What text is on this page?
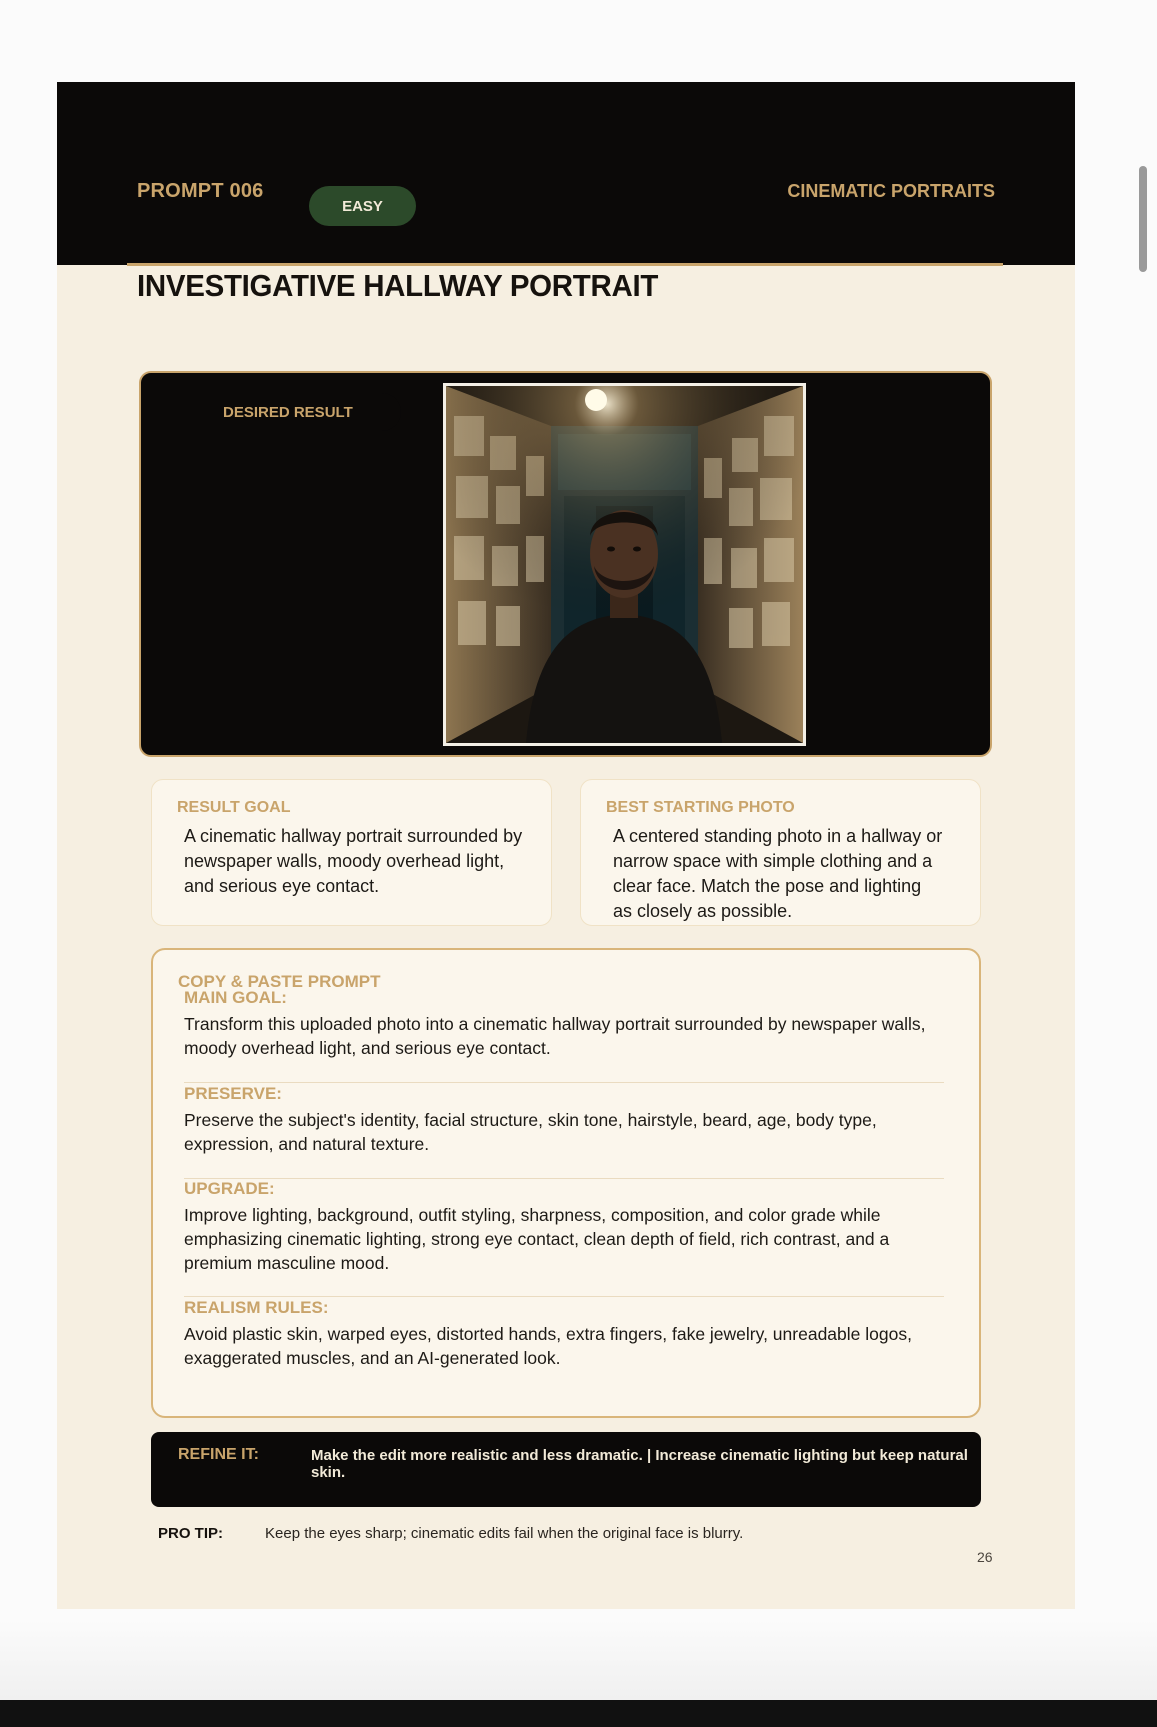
PROMPT 006
EASY
CINEMATIC PORTRAITS
INVESTIGATIVE HALLWAY PORTRAIT
DESIRED RESULT
RESULT GOAL
A cinematic hallway portrait surrounded by newspaper walls, moody overhead light, and serious eye contact.
BEST STARTING PHOTO
A centered standing photo in a hallway or narrow space with simple clothing and a clear face. Match the pose and lighting as closely as possible.
COPY & PASTE PROMPT
MAIN GOAL:
Transform this uploaded photo into a cinematic hallway portrait surrounded by newspaper walls, moody overhead light, and serious eye contact.
PRESERVE:
Preserve the subject's identity, facial structure, skin tone, hairstyle, beard, age, body type, expression, and natural texture.
UPGRADE:
Improve lighting, background, outfit styling, sharpness, composition, and color grade while emphasizing cinematic lighting, strong eye contact, clean depth of field, rich contrast, and a premium masculine mood.
REALISM RULES:
Avoid plastic skin, warped eyes, distorted hands, extra fingers, fake jewelry, unreadable logos, exaggerated muscles, and an AI-generated look.
REFINE IT:	Make the edit more realistic and less dramatic. | Increase cinematic lighting but keep natural skin.
PRO TIP:	Keep the eyes sharp; cinematic edits fail when the original face is blurry.
26
